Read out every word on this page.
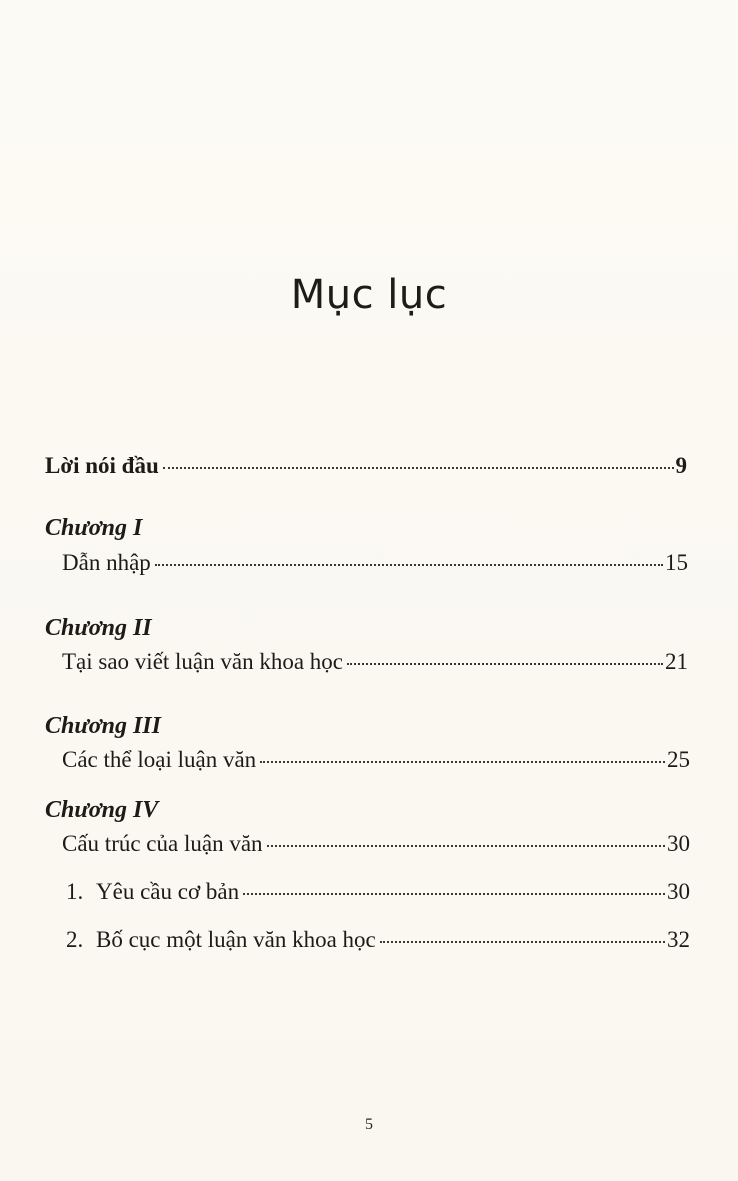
Mục lục
Lời nói đầu	9
Chương I
Dẫn nhập	15
Chương II
Tại sao viết luận văn khoa học	21
Chương III
Các thể loại luận văn	25
Chương IV
Cấu trúc của luận văn	30
1. Yêu cầu cơ bản	30
2. Bố cục một luận văn khoa học	32
5
